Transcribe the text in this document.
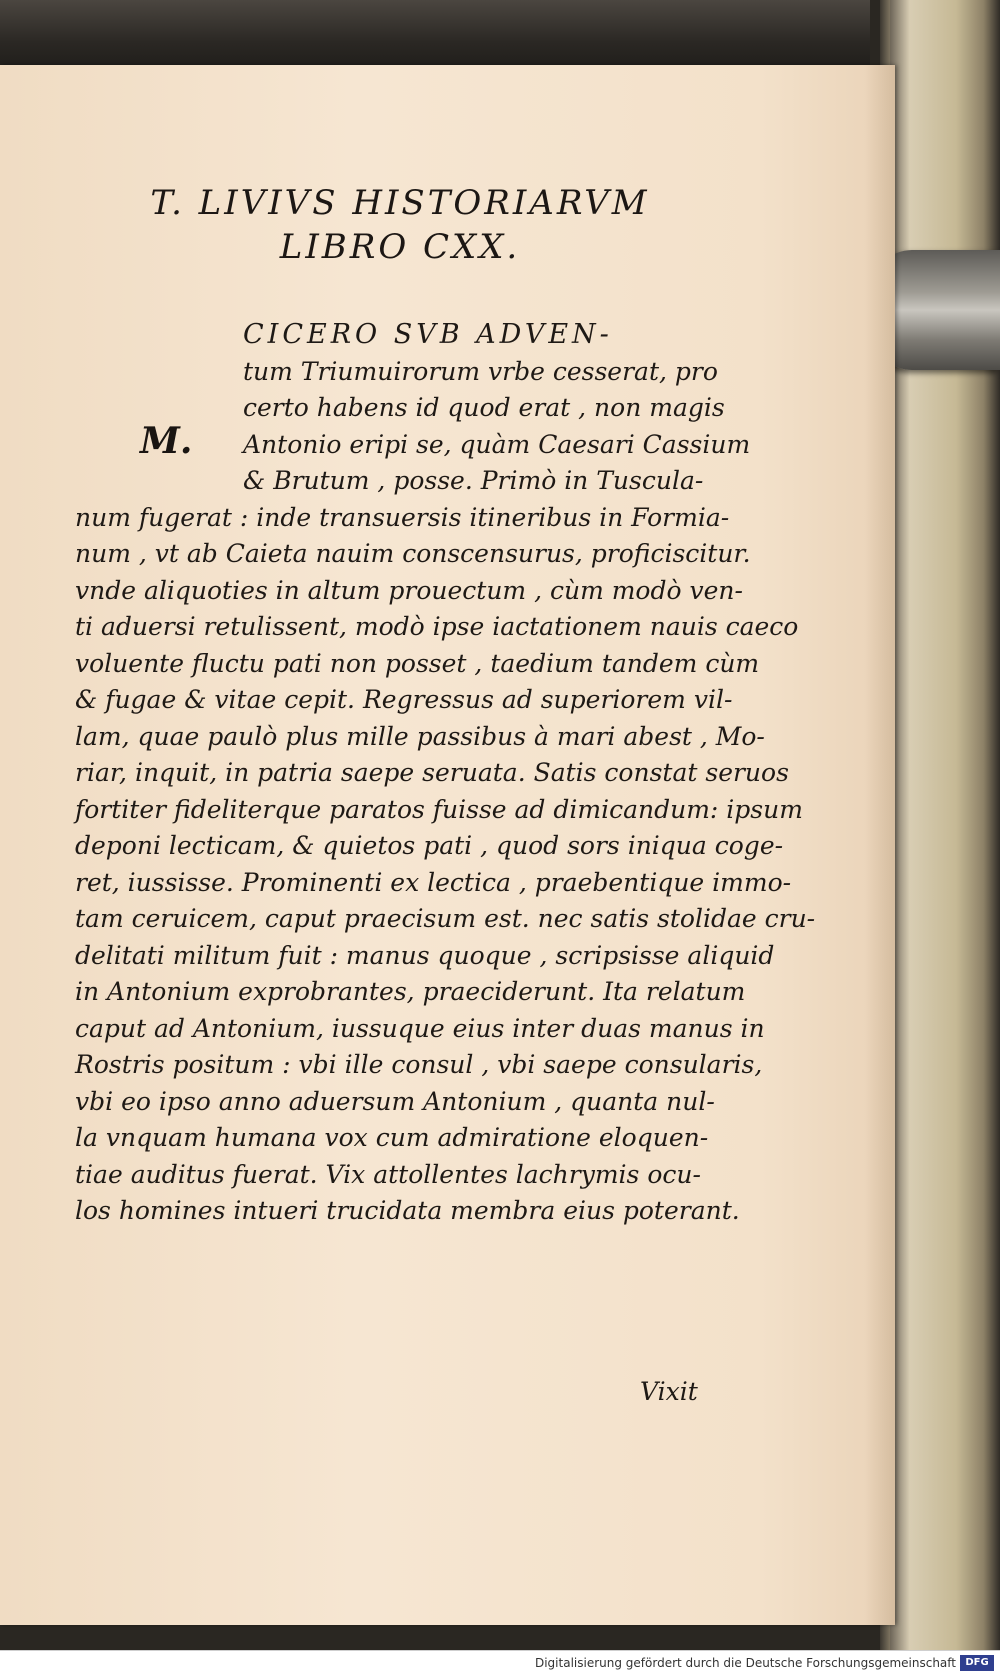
T. LIVIVS HISTORIARVM
LIBRO CXX.
M.
CICERO SVB ADVEN-
tum Triumuirorum vrbe cesserat, pro
certo habens id quod erat , non magis
Antonio eripi se, quàm Caesari Cassium
& Brutum , posse. Primò in Tuscula-
num fugerat : inde transuersis itineribus in Formia-
num , vt ab Caieta nauim conscensurus, proficiscitur.
vnde aliquoties in altum prouectum , cùm modò ven-
ti aduersi retulissent, modò ipse iactationem nauis caeco
voluente fluctu pati non posset , taedium tandem cùm
& fugae & vitae cepit. Regressus ad superiorem vil-
lam, quae paulò plus mille passibus à mari abest , Mo-
riar, inquit, in patria saepe seruata. Satis constat seruos
fortiter fideliterque paratos fuisse ad dimicandum: ipsum
deponi lecticam, & quietos pati , quod sors iniqua coge-
ret, iussisse. Prominenti ex lectica , praebentique immo-
tam ceruicem, caput praecisum est. nec satis stolidae cru-
delitati militum fuit : manus quoque , scripsisse aliquid
in Antonium exprobrantes, praeciderunt. Ita relatum
caput ad Antonium, iussuque eius inter duas manus in
Rostris positum : vbi ille consul , vbi saepe consularis,
vbi eo ipso anno aduersum Antonium , quanta nul-
la vnquam humana vox cum admiratione eloquen-
tiae auditus fuerat. Vix attollentes lachrymis ocu-
los homines intueri trucidata membra eius poterant.
Vixit
Digitalisierung gefördert durch die Deutsche Forschungsgemeinschaft DFG
